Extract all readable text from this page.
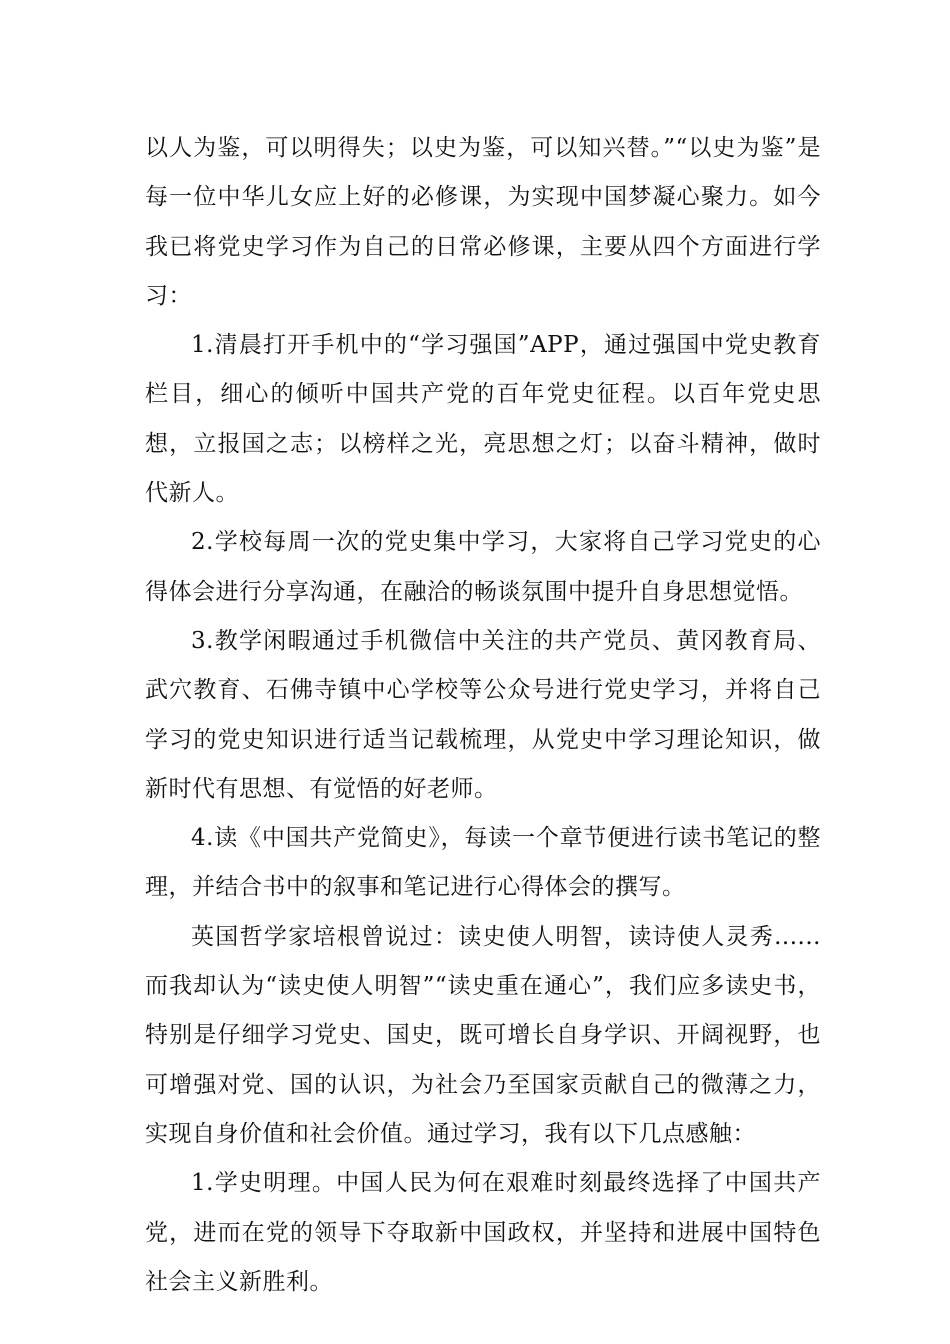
以人为鉴，可以明得失；以史为鉴，可以知兴替。”“以史为鉴”是每一位中华儿女应上好的必修课，为实现中国梦凝心聚力。如今我已将党史学习作为自己的日常必修课，主要从四个方面进行学习：

1.清晨打开手机中的“学习强国”APP，通过强国中党史教育栏目，细心的倾听中国共产党的百年党史征程。以百年党史思想，立报国之志；以榜样之光，亮思想之灯；以奋斗精神，做时代新人。

2.学校每周一次的党史集中学习，大家将自己学习党史的心得体会进行分享沟通，在融洽的畅谈氛围中提升自身思想觉悟。

3.教学闲暇通过手机微信中关注的共产党员、黄冈教育局、武穴教育、石佛寺镇中心学校等公众号进行党史学习，并将自己学习的党史知识进行适当记载梳理，从党史中学习理论知识，做新时代有思想、有觉悟的好老师。

4.读《中国共产党简史》，每读一个章节便进行读书笔记的整理，并结合书中的叙事和笔记进行心得体会的撰写。

英国哲学家培根曾说过：读史使人明智，读诗使人灵秀......而我却认为“读史使人明智”“读史重在通心”，我们应多读史书，特别是仔细学习党史、国史，既可增长自身学识、开阔视野，也可增强对党、国的认识，为社会乃至国家贡献自己的微薄之力，实现自身价值和社会价值。通过学习，我有以下几点感触：

1.学史明理。中国人民为何在艰难时刻最终选择了中国共产党，进而在党的领导下夺取新中国政权，并坚持和进展中国特色社会主义新胜利。
